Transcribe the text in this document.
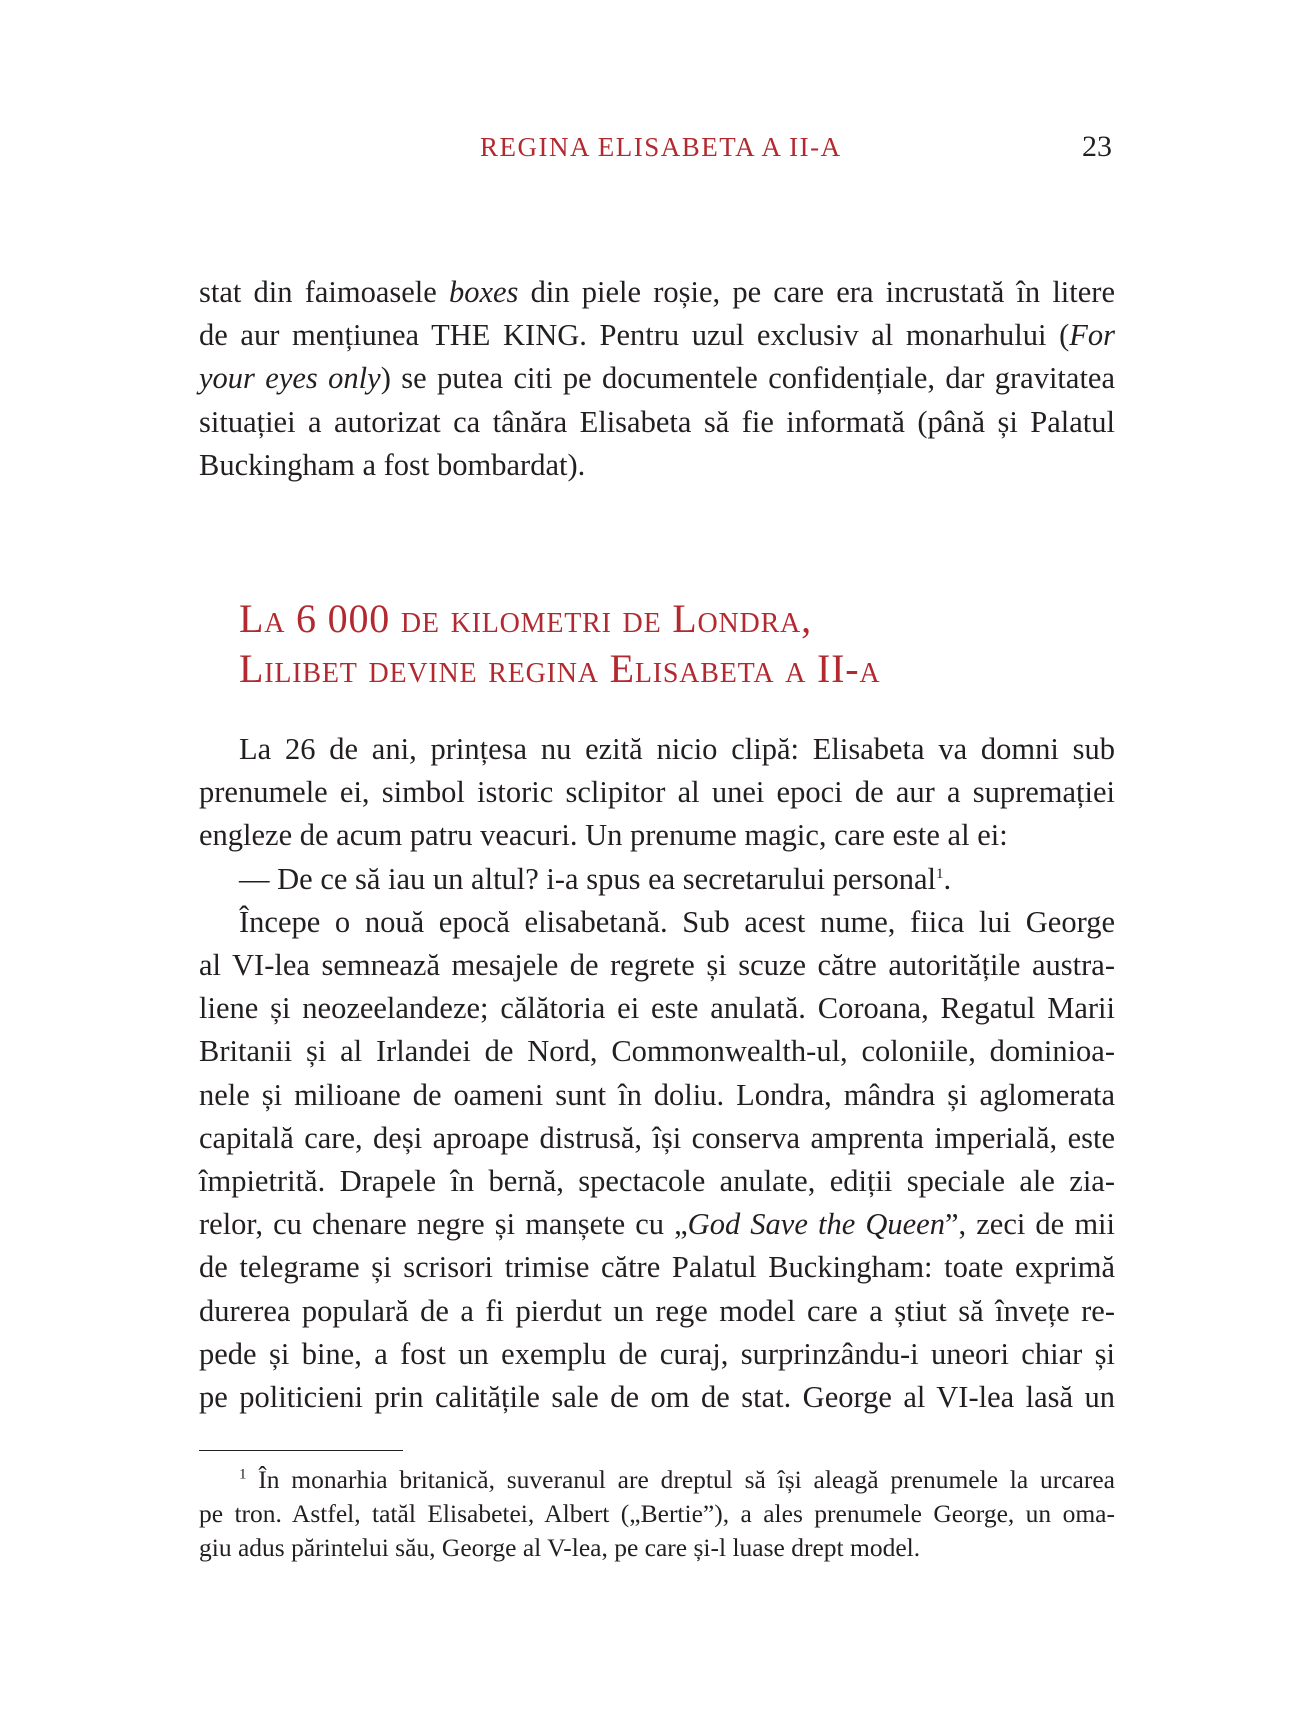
REGINA ELISABETA A II-A	23
stat din faimoasele boxes din piele roșie, pe care era incrustată în litere
de aur mențiunea THE KING. Pentru uzul exclusiv al monarhului (For
your eyes only) se putea citi pe documentele confidențiale, dar gravitatea
situației a autorizat ca tânăra Elisabeta să fie informată (până și Palatul
Buckingham a fost bombardat).
La 6 000 de kilometri de Londra,
Lilibet devine regina Elisabeta a II-a
La 26 de ani, prințesa nu ezită nicio clipă: Elisabeta va domni sub
prenumele ei, simbol istoric sclipitor al unei epoci de aur a supremației
engleze de acum patru veacuri. Un prenume magic, care este al ei:
— De ce să iau un altul? i-a spus ea secretarului personal$^1$.
Începe o nouă epocă elisabetană. Sub acest nume, fiica lui George
al VI-lea semnează mesajele de regrete și scuze către autoritățile austra-
liene și neozeelandeze; călătoria ei este anulată. Coroana, Regatul Marii
Britanii și al Irlandei de Nord, Commonwealth-ul, coloniile, dominioa-
nele și milioane de oameni sunt în doliu. Londra, mândra și aglomerata
capitală care, deși aproape distrusă, își conserva amprenta imperială, este
împietrită. Drapele în bernă, spectacole anulate, ediții speciale ale zia-
relor, cu chenare negre și manșete cu „God Save the Queen”, zeci de mii
de telegrame și scrisori trimise către Palatul Buckingham: toate exprimă
durerea populară de a fi pierdut un rege model care a știut să învețe re-
pede și bine, a fost un exemplu de curaj, surprinzându-i uneori chiar și
pe politicieni prin calitățile sale de om de stat. George al VI-lea lasă un
$^1$ În monarhia britanică, suveranul are dreptul să își aleagă prenumele la urcarea
pe tron. Astfel, tatăl Elisabetei, Albert („Bertie”), a ales prenumele George, un oma-
giu adus părintelui său, George al V-lea, pe care și-l luase drept model.
